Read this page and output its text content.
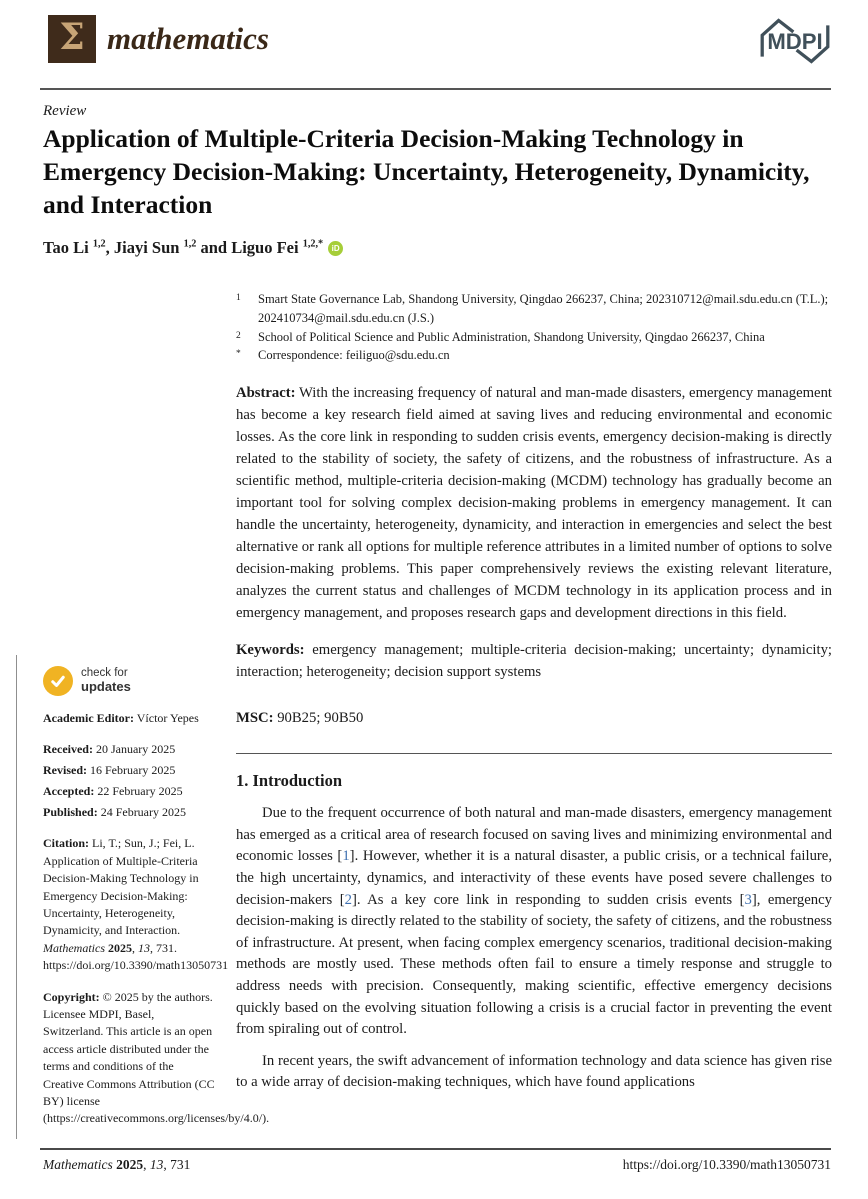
Σ mathematics	MDPI
Review
Application of Multiple-Criteria Decision-Making Technology in Emergency Decision-Making: Uncertainty, Heterogeneity, Dynamicity, and Interaction
Tao Li $^{1,2}$, Jiayi Sun $^{1,2}$ and Liguo Fei $^{1,2,*}$ iD
check for
updates
Academic Editor: Víctor Yepes
Received: 20 January 2025
Revised: 16 February 2025
Accepted: 22 February 2025
Published: 24 February 2025
Citation: Li, T.; Sun, J.; Fei, L. Application of Multiple-Criteria Decision-Making Technology in Emergency Decision-Making: Uncertainty, Heterogeneity, Dynamicity, and Interaction. Mathematics 2025, 13, 731. https://doi.org/10.3390/math13050731
Copyright: © 2025 by the authors. Licensee MDPI, Basel, Switzerland. This article is an open access article distributed under the terms and conditions of the Creative Commons Attribution (CC BY) license (https://creativecommons.org/licenses/by/4.0/).
1	Smart State Governance Lab, Shandong University, Qingdao 266237, China; 202310712@mail.sdu.edu.cn (T.L.); 202410734@mail.sdu.edu.cn (J.S.)
2	School of Political Science and Public Administration, Shandong University, Qingdao 266237, China
*	Correspondence: feiliguo@sdu.edu.cn
Abstract: With the increasing frequency of natural and man-made disasters, emergency management has become a key research field aimed at saving lives and reducing environmental and economic losses. As the core link in responding to sudden crisis events, emergency decision-making is directly related to the stability of society, the safety of citizens, and the robustness of infrastructure. As a scientific method, multiple-criteria decision-making (MCDM) technology has gradually become an important tool for solving complex decision-making problems in emergency management. It can handle the uncertainty, heterogeneity, dynamicity, and interaction in emergencies and select the best alternative or rank all options for multiple reference attributes in a limited number of options to solve decision-making problems. This paper comprehensively reviews the existing relevant literature, analyzes the current status and challenges of MCDM technology in its application process and in emergency management, and proposes research gaps and development directions in this field.
Keywords: emergency management; multiple-criteria decision-making; uncertainty; dynamicity; interaction; heterogeneity; decision support systems
MSC: 90B25; 90B50
1. Introduction
Due to the frequent occurrence of both natural and man-made disasters, emergency management has emerged as a critical area of research focused on saving lives and minimizing environmental and economic losses [1]. However, whether it is a natural disaster, a public crisis, or a technical failure, the high uncertainty, dynamics, and interactivity of these events have posed severe challenges to decision-makers [2]. As a key core link in responding to sudden crisis events [3], emergency decision-making is directly related to the stability of society, the safety of citizens, and the robustness of infrastructure. At present, when facing complex emergency scenarios, traditional decision-making methods are mostly used. These methods often fail to ensure a timely response and struggle to address needs with precision. Consequently, making scientific, effective emergency decisions quickly based on the evolving situation following a crisis is a crucial factor in preventing the event from spiraling out of control.
In recent years, the swift advancement of information technology and data science has given rise to a wide array of decision-making techniques, which have found applications
Mathematics 2025, 13, 731	https://doi.org/10.3390/math13050731
